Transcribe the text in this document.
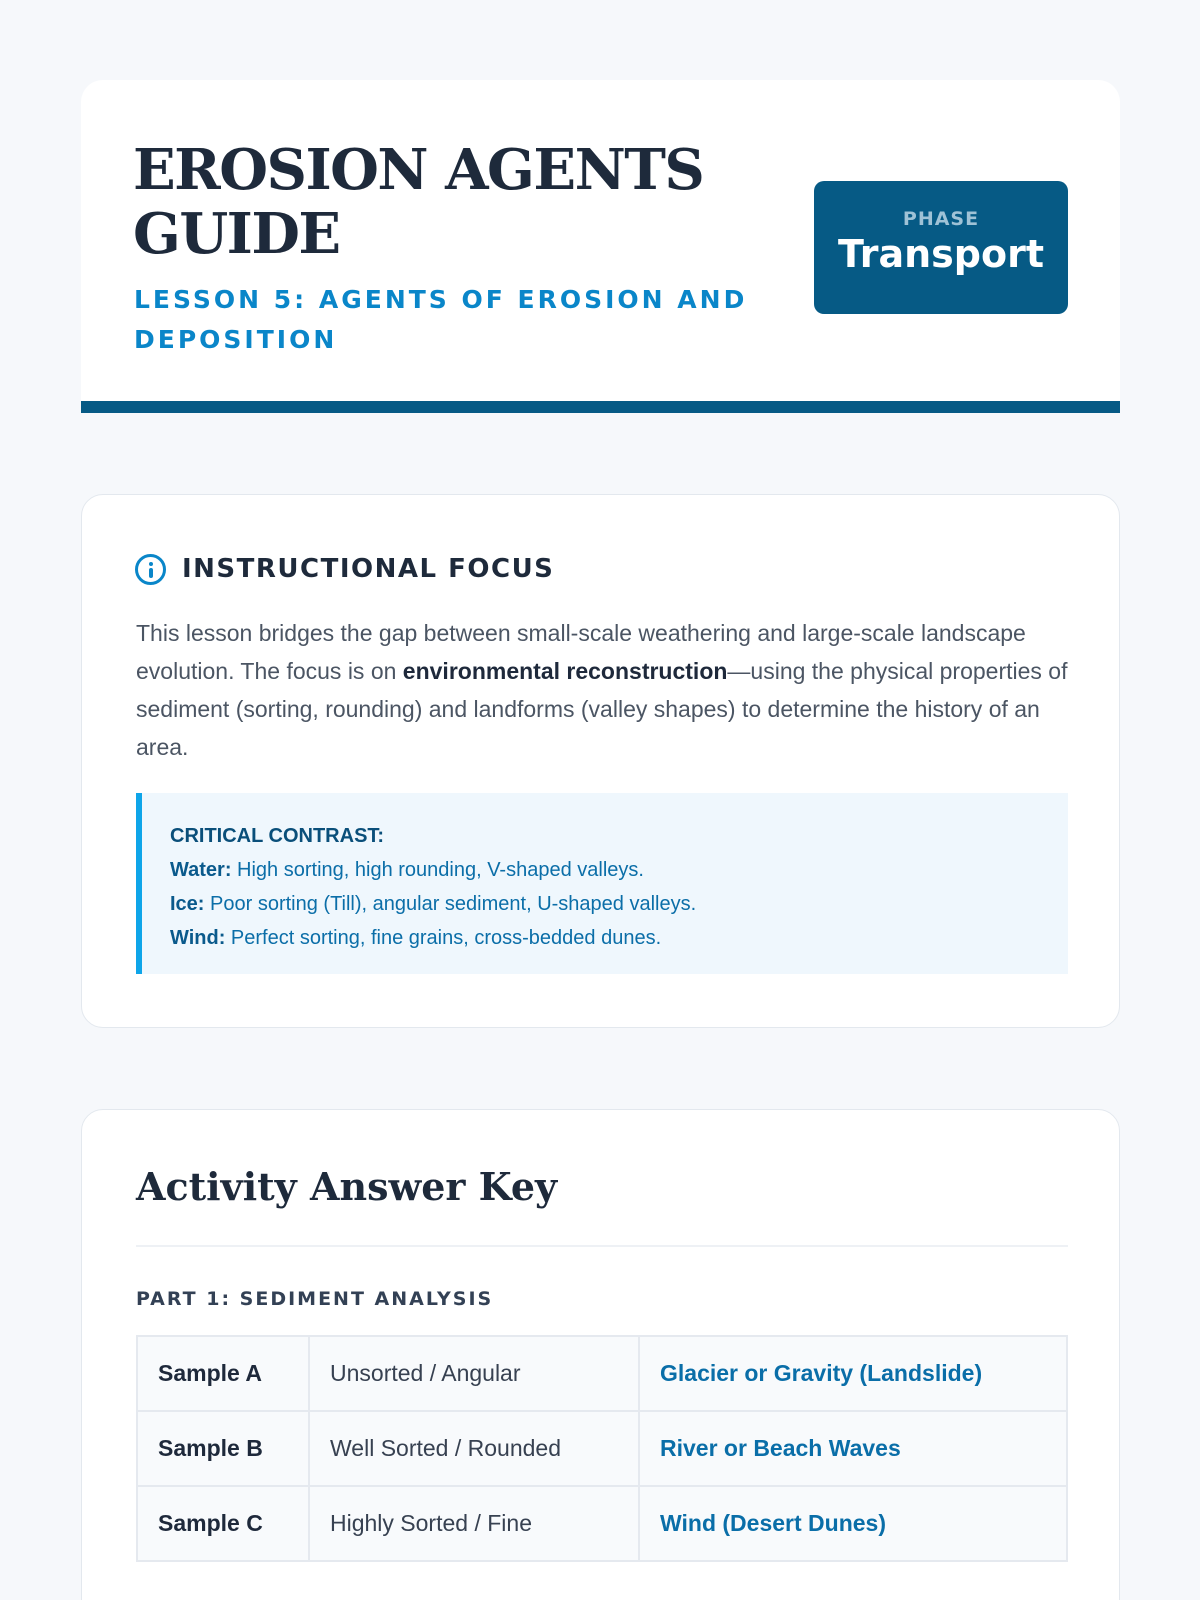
EROSION AGENTS GUIDE
LESSON 5: AGENTS OF EROSION AND DEPOSITION
PHASE
Transport
INSTRUCTIONAL FOCUS

This lesson bridges the gap between small-scale weathering and large-scale landscape evolution. The focus is on environmental reconstruction—using the physical properties of sediment (sorting, rounding) and landforms (valley shapes) to determine the history of an area.

CRITICAL CONTRAST:
Water: High sorting, high rounding, V-shaped valleys.
Ice: Poor sorting (Till), angular sediment, U-shaped valleys.
Wind: Perfect sorting, fine grains, cross-bedded dunes.
Activity Answer Key
PART 1: SEDIMENT ANALYSIS
Sample A	Unsorted / Angular	Glacier or Gravity (Landslide)
Sample B	Well Sorted / Rounded	River or Beach Waves
Sample C	Highly Sorted / Fine	Wind (Desert Dunes)
